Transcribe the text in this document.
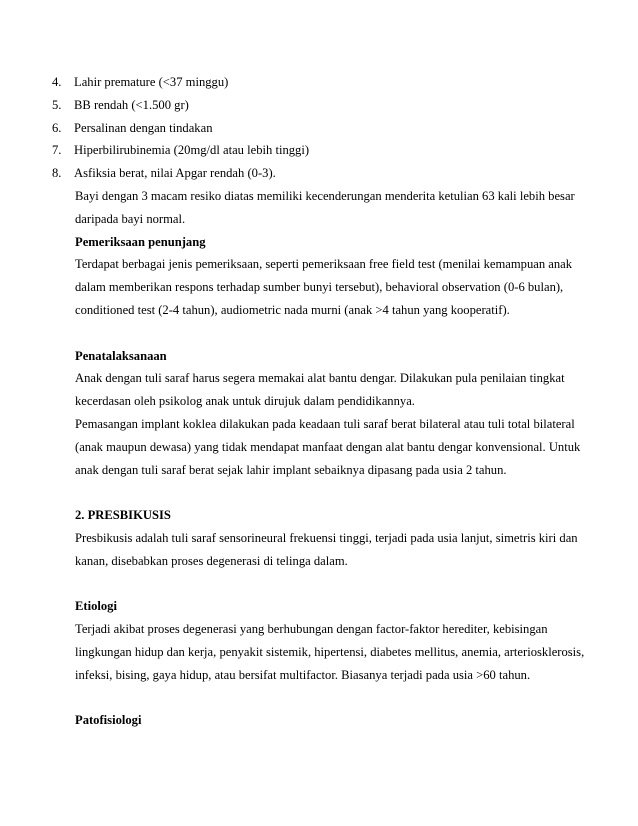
4. Lahir premature (<37 minggu)
5. BB rendah (<1.500 gr)
6. Persalinan dengan tindakan
7. Hiperbilirubinemia (20mg/dl atau lebih tinggi)
8. Asfiksia berat, nilai Apgar rendah (0-3).

Bayi dengan 3 macam resiko diatas memiliki kecenderungan menderita ketulian 63 kali lebih besar daripada bayi normal.

Pemeriksaan penunjang

Terdapat berbagai jenis pemeriksaan, seperti pemeriksaan free field test (menilai kemampuan anak dalam memberikan respons terhadap sumber bunyi tersebut), behavioral observation (0-6 bulan), conditioned test (2-4 tahun), audiometric nada murni (anak >4 tahun yang kooperatif).

Penatalaksanaan

Anak dengan tuli saraf harus segera memakai alat bantu dengar. Dilakukan pula penilaian tingkat kecerdasan oleh psikolog anak untuk dirujuk dalam pendidikannya.

Pemasangan implant koklea dilakukan pada keadaan tuli saraf berat bilateral atau tuli total bilateral (anak maupun dewasa) yang tidak mendapat manfaat dengan alat bantu dengar konvensional. Untuk anak dengan tuli saraf berat sejak lahir implant sebaiknya dipasang pada usia 2 tahun.

2. PRESBIKUSIS

Presbikusis adalah tuli saraf sensorineural frekuensi tinggi, terjadi pada usia lanjut, simetris kiri dan kanan, disebabkan proses degenerasi di telinga dalam.

Etiologi

Terjadi akibat proses degenerasi yang berhubungan dengan factor-faktor herediter, kebisingan lingkungan hidup dan kerja, penyakit sistemik, hipertensi, diabetes mellitus, anemia, arteriosklerosis, infeksi, bising, gaya hidup, atau bersifat multifactor. Biasanya terjadi pada usia >60 tahun.

Patofisiologi
